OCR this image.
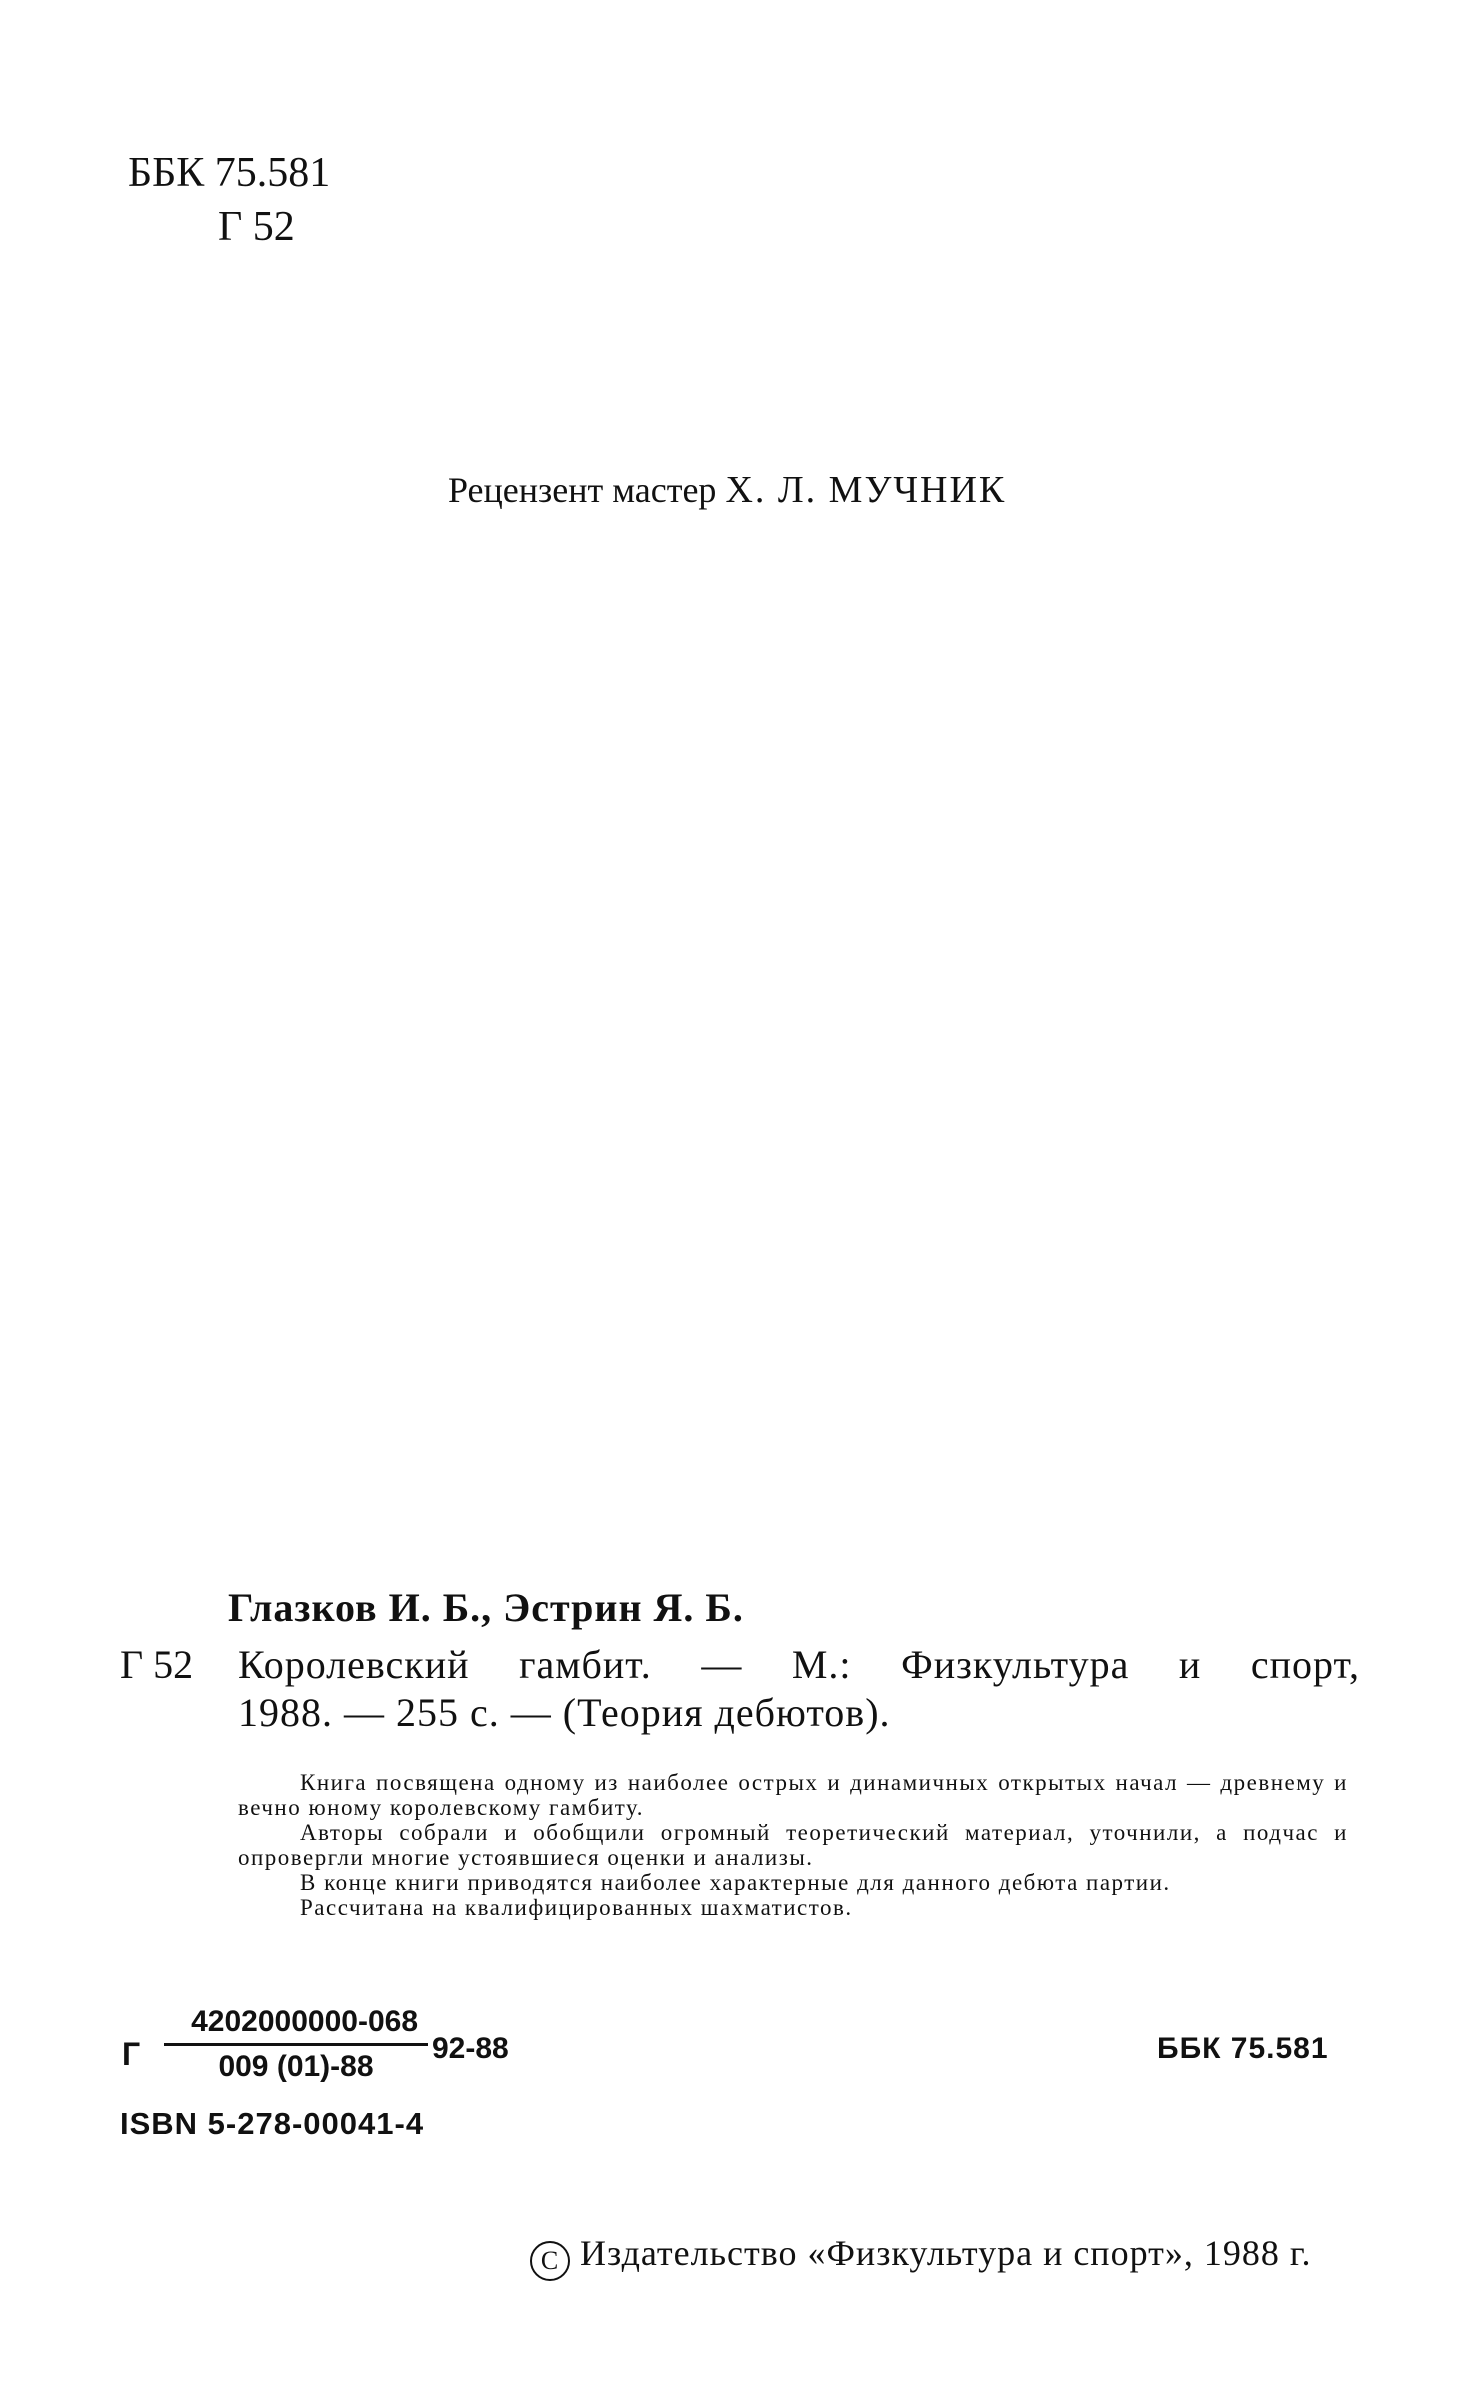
ББК 75.581
Г 52
Рецензент мастер Х. Л. МУЧНИК
Глазков И. Б., Эстрин Я. Б.
Г 52 Королевский гамбит. — М.: Физкультура и спорт,
1988. — 255 с. — (Теория дебютов).

Книга посвящена одному из наиболее острых и динамичных открытых начал — древнему и вечно юному королевскому гамбиту.

Авторы собрали и обобщили огромный теоретический материал, уточнили, а подчас и опровергли многие устоявшиеся оценки и анализы.

В конце книги приводятся наиболее характерные для данного дебюта партии.

Рассчитана на квалифицированных шахматистов.

Г
4202000000-068
009 (01)-88
92-88	ББК 75.581
ISBN 5-278-00041-4
C Издательство «Физкультура и спорт», 1988 г.
